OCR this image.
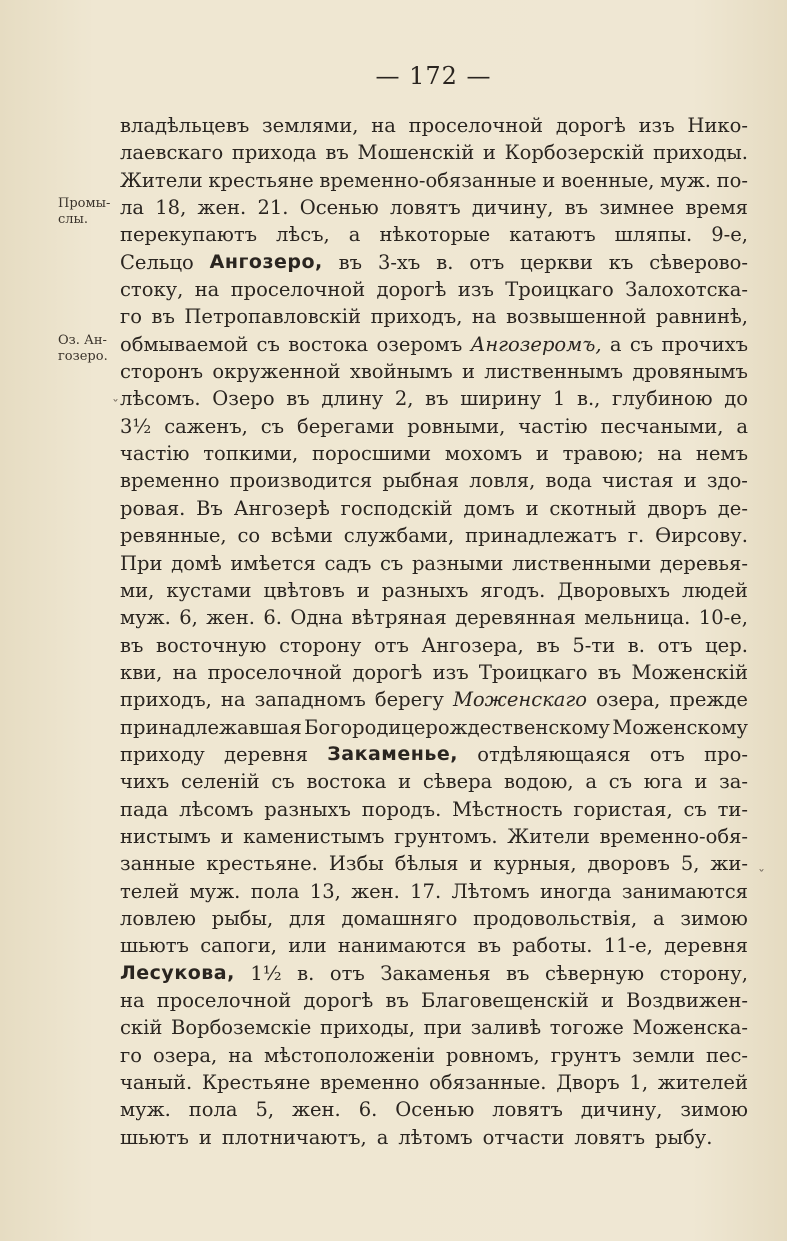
— 172 —
Промы-
слы.
Оз. Ан-
гозеро.
ˇ
ˇ
владѣльцевъ землями, на проселочной дорогѣ изъ Нико-
лаевскаго прихода въ Мошенскій и Корбозерскій приходы.
Жители крестьяне временно-обязанные и военные, муж. по-
ла 18, жен. 21. Осенью ловятъ дичину, въ зимнее время
перекупаютъ лѣсъ, а нѣкоторые катаютъ шляпы. 9-е,
Сельцо Ангозеро, въ 3-хъ в. отъ церкви къ сѣверово-
стоку, на проселочной дорогѣ изъ Троицкаго Залохотска-
го въ Петропавловскій приходъ, на возвышенной равнинѣ,
обмываемой съ востока озеромъ Ангозеромъ, а съ прочихъ
сторонъ окруженной хвойнымъ и лиственнымъ дровянымъ
лѣсомъ. Озеро въ длину 2, въ ширину 1 в., глубиною до
3½ саженъ, съ берегами ровными, частію песчаными, а
частію топкими, поросшими мохомъ и травою; на немъ
временно производится рыбная ловля, вода чистая и здо-
ровая. Въ Ангозерѣ господскій домъ и скотный дворъ де-
ревянные, со всѣми службами, принадлежатъ г. Ѳирсову.
При домѣ имѣется садъ съ разными лиственными деревья-
ми, кустами цвѣтовъ и разныхъ ягодъ. Дворовыхъ людей
муж. 6, жен. 6. Одна вѣтряная деревянная мельница. 10-е,
въ восточную сторону отъ Ангозера, въ 5-ти в. отъ цер.
кви, на проселочной дорогѣ изъ Троицкаго въ Моженскій
приходъ, на западномъ берегу Моженскаго озера, прежде
принадлежавшая Богородицерождественскому Моженскому
приходу деревня Закаменье, отдѣляющаяся отъ про-
чихъ селеній съ востока и сѣвера водою, а съ юга и за-
пада лѣсомъ разныхъ породъ. Мѣстность гористая, съ ти-
нистымъ и каменистымъ грунтомъ. Жители временно-обя-
занные крестьяне. Избы бѣлыя и курныя, дворовъ 5, жи-
телей муж. пола 13, жен. 17. Лѣтомъ иногда занимаются
ловлею рыбы, для домашняго продовольствія, а зимою
шьютъ сапоги, или нанимаются въ работы. 11-е, деревня
Лесукова, 1½ в. отъ Закаменья въ сѣверную сторону,
на проселочной дорогѣ въ Благовещенскій и Воздвижен-
скій Ворбоземскіе приходы, при заливѣ тогоже Моженска-
го озера, на мѣстоположеніи ровномъ, грунтъ земли пес-
чаный. Крестьяне временно обязанные. Дворъ 1, жителей
муж. пола 5, жен. 6. Осенью ловятъ дичину, зимою
шьютъ и плотничаютъ, а лѣтомъ отчасти ловятъ рыбу.
